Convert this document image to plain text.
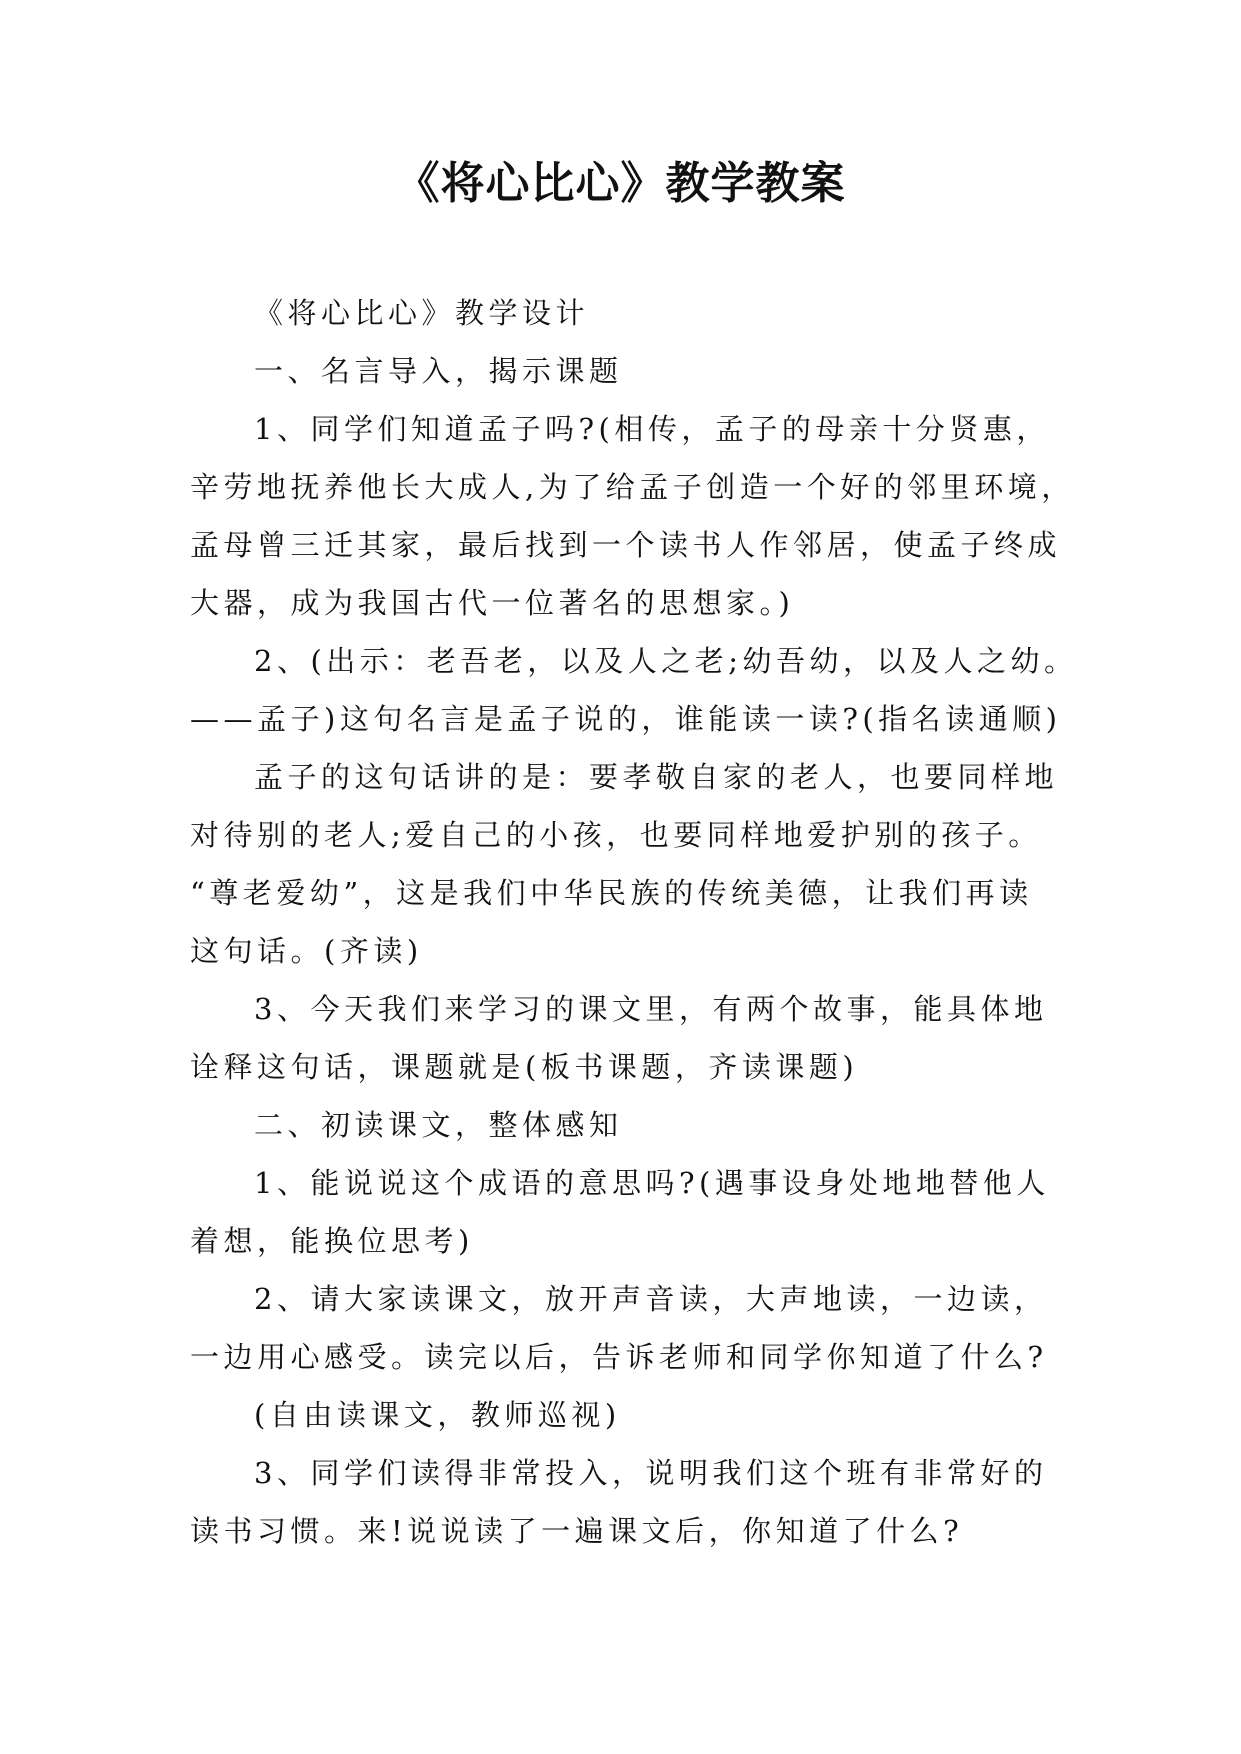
《将心比心》教学教案

《将心比心》教学设计

一、名言导入，揭示课题

1、同学们知道孟子吗?(相传，孟子的母亲十分贤惠，

辛劳地抚养他长大成人,为了给孟子创造一个好的邻里环境，

孟母曾三迁其家，最后找到一个读书人作邻居，使孟子终成

大器，成为我国古代一位著名的思想家。)

2、(出示：老吾老，以及人之老;幼吾幼，以及人之幼。

——孟子)这句名言是孟子说的，谁能读一读?(指名读通顺)

孟子的这句话讲的是：要孝敬自家的老人，也要同样地

对待别的老人;爱自己的小孩，也要同样地爱护别的孩子。

“尊老爱幼”，这是我们中华民族的传统美德，让我们再读

这句话。(齐读)

3、今天我们来学习的课文里，有两个故事，能具体地

诠释这句话，课题就是(板书课题，齐读课题)

二、初读课文，整体感知

1、能说说这个成语的意思吗?(遇事设身处地地替他人

着想，能换位思考)

2、请大家读课文，放开声音读，大声地读，一边读，

一边用心感受。读完以后，告诉老师和同学你知道了什么?

(自由读课文，教师巡视)

3、同学们读得非常投入，说明我们这个班有非常好的

读书习惯。来!说说读了一遍课文后，你知道了什么?
